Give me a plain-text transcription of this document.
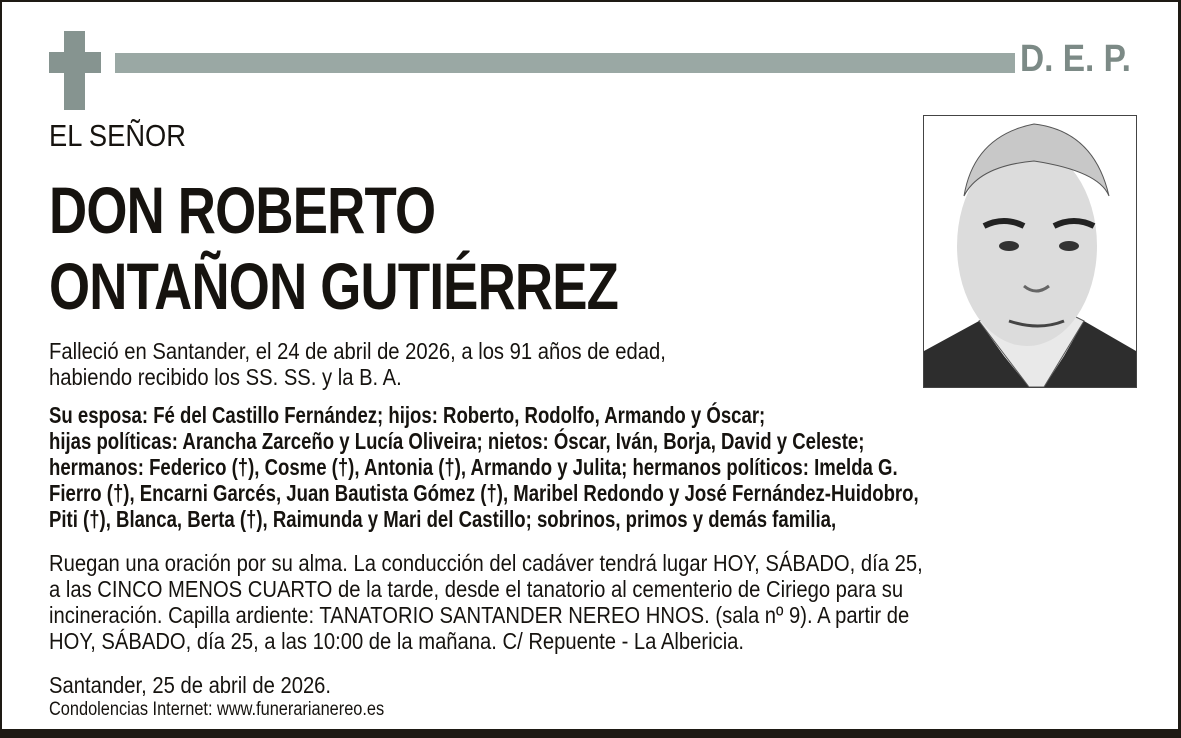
D. E. P.
EL SEÑOR
DON ROBERTO
ONTAÑON GUTIÉRREZ
Falleció en Santander, el 24 de abril de 2026, a los 91 años de edad,
habiendo recibido los SS. SS. y la B. A.
Su esposa: Fé del Castillo Fernández; hijos: Roberto, Rodolfo, Armando y Óscar;
hijas políticas: Arancha Zarceño y Lucía Oliveira; nietos: Óscar, Iván, Borja, David y Celeste;
hermanos: Federico (†), Cosme (†), Antonia (†), Armando y Julita; hermanos políticos: Imelda G.
Fierro (†), Encarni Garcés, Juan Bautista Gómez (†), Maribel Redondo y José Fernández-Huidobro,
Piti (†), Blanca, Berta (†), Raimunda y Mari del Castillo; sobrinos, primos y demás familia,
Ruegan una oración por su alma. La conducción del cadáver tendrá lugar HOY, SÁBADO, día 25,
a las CINCO MENOS CUARTO de la tarde, desde el tanatorio al cementerio de Ciriego para su
incineración. Capilla ardiente: TANATORIO SANTANDER NEREO HNOS. (sala nº 9). A partir de
HOY, SÁBADO, día 25, a las 10:00 de la mañana. C/ Repuente - La Albericia.
Santander, 25 de abril de 2026.
Condolencias Internet: www.funerarianereo.es
